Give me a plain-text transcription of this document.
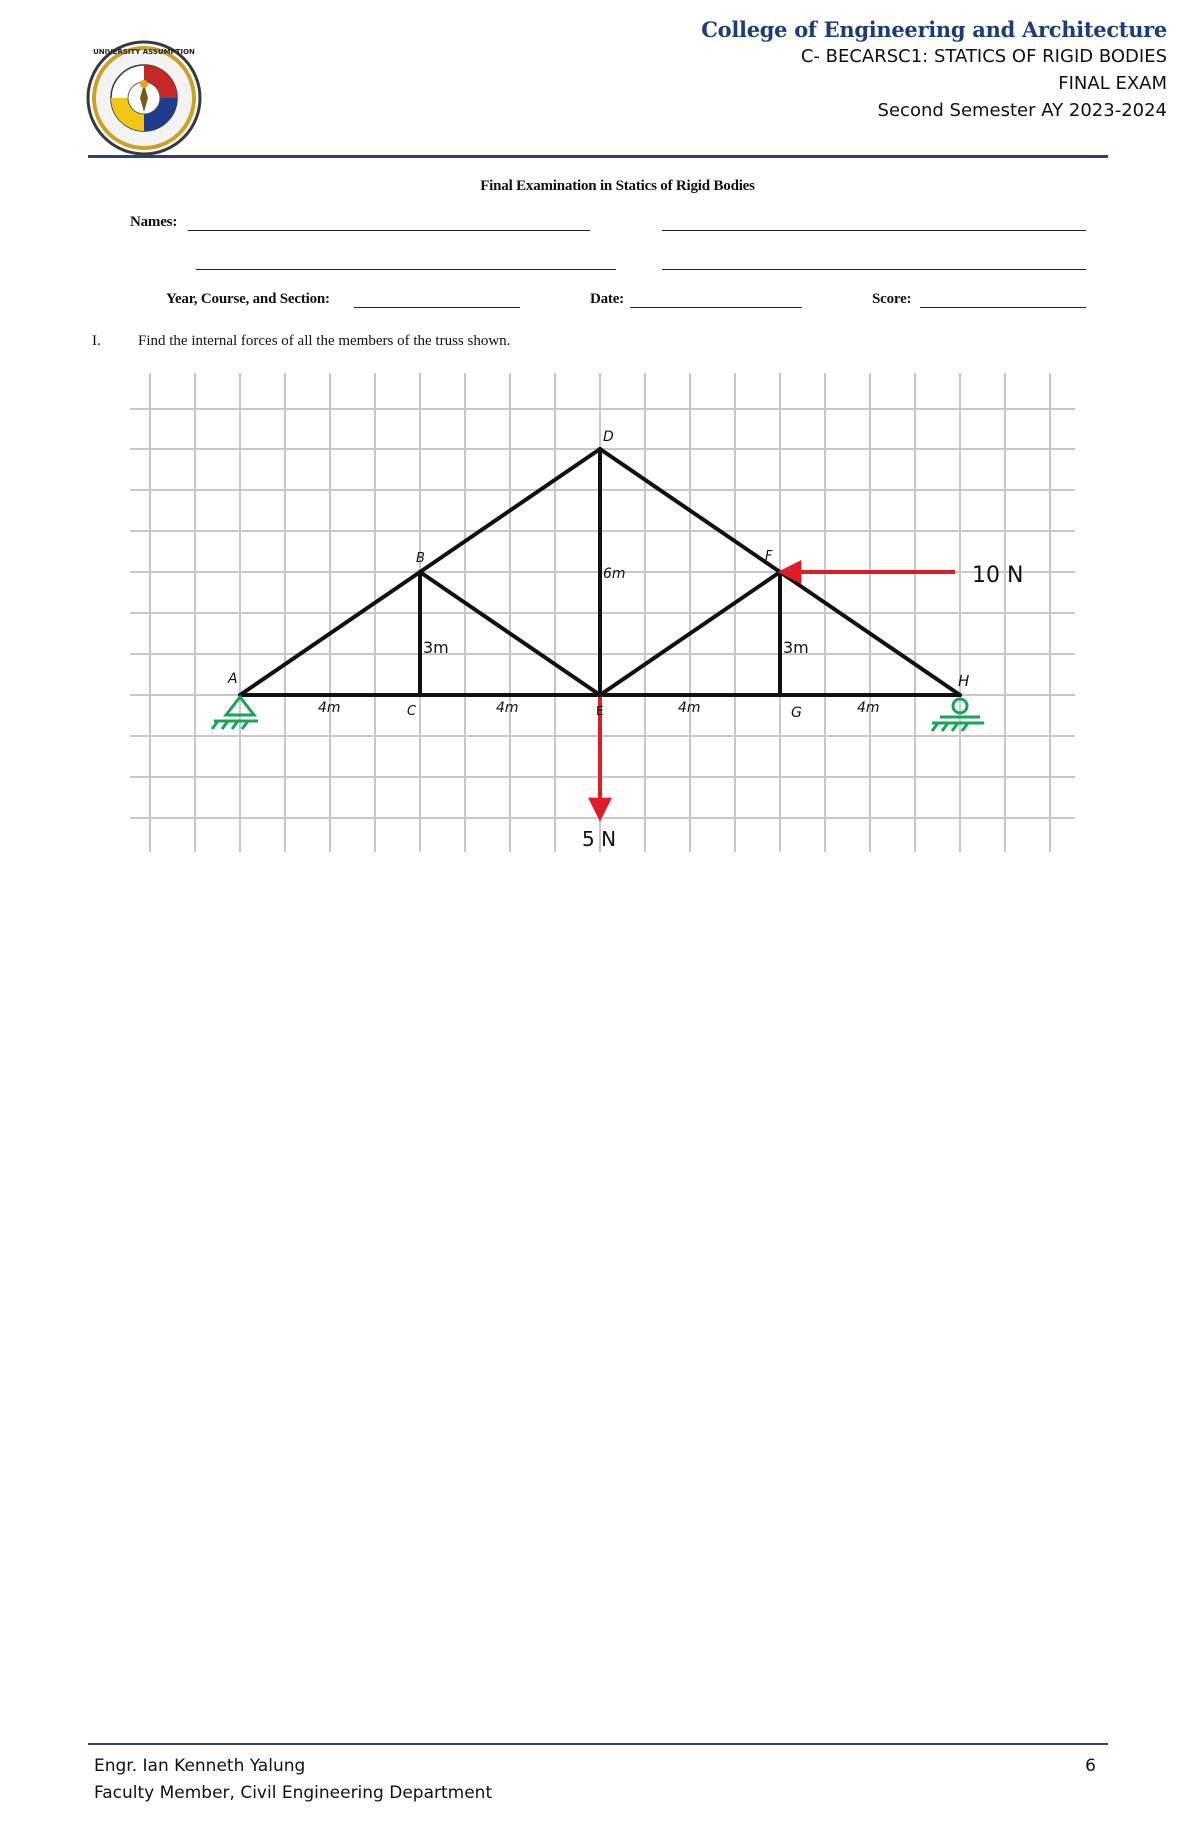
UNIVERSITY ASSUMPTION
College of Engineering and Architecture
C- BECARSC1: STATICS OF RIGID BODIES
FINAL EXAM
Second Semester AY 2023-2024
Final Examination in Statics of Rigid Bodies
Names:
Year, Course, and Section:	Date:	Score:
I. Find the internal forces of all the members of the truss shown.
A
B
C
D
E
F
G
H
4m	4m	4m	4m
3m
6m
3m
10 N
5 N
Engr. Ian Kenneth Yalung
Faculty Member, Civil Engineering Department
6
